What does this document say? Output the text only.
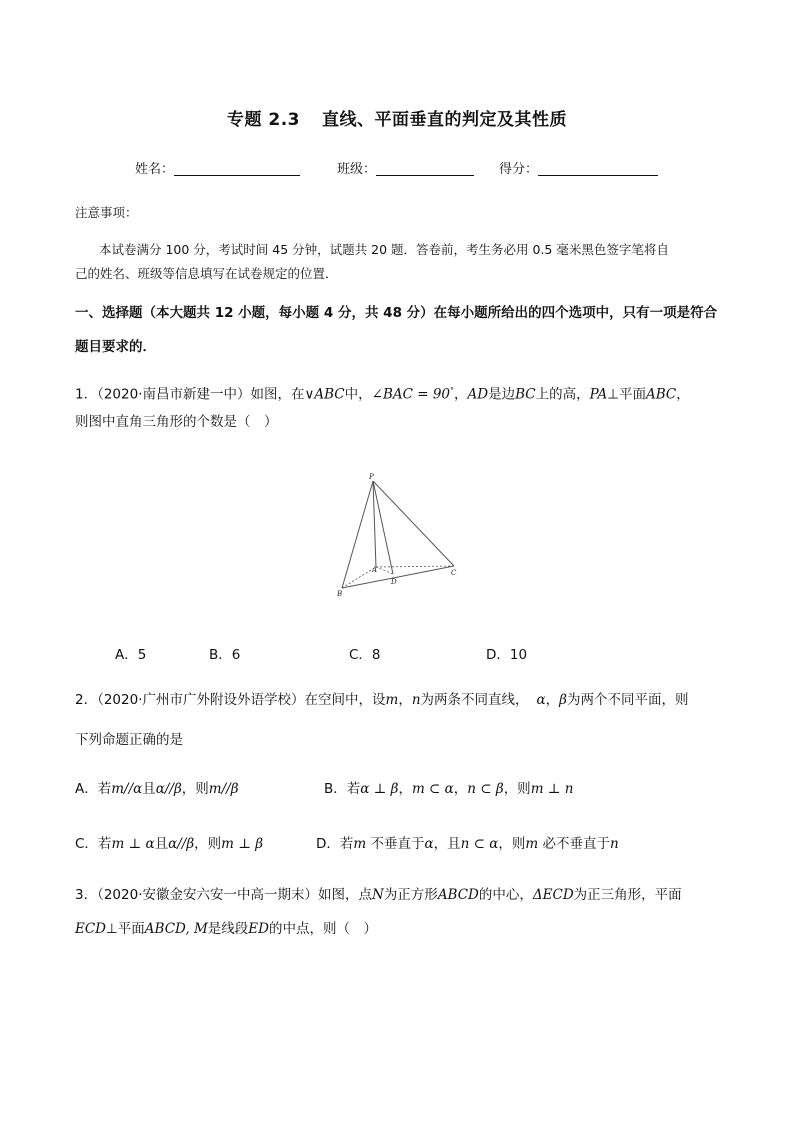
专题 2.3 直线、平面垂直的判定及其性质
姓名：	班级：	得分：
注意事项：
本试卷满分 100 分，考试时间 45 分钟，试题共 20 题．答卷前，考生务必用 0.5 毫米黑色签字笔将自
己的姓名、班级等信息填写在试卷规定的位置．
一、选择题（本大题共 12 小题，每小题 4 分，共 48 分）在每小题所给出的四个选项中，只有一项是符合
题目要求的．
1．（2020·南昌市新建一中）如图，在∨ABC中，∠BAC = 90°，AD是边BC上的高，PA⊥平面ABC，
则图中直角三角形的个数是（　）
P
A
B
C
D
A．5	B．6	C．8	D．10
2．（2020·广州市广外附设外语学校）在空间中，设m，n为两条不同直线， α，β为两个不同平面，则
下列命题正确的是
A．若m//α且α//β，则m//β	B．若α ⊥ β，m ⊂ α，n ⊂ β，则m ⊥ n
C．若m ⊥ α且α//β，则m ⊥ β	D．若m 不垂直于α，且n ⊂ α，则m 必不垂直于n
3．（2020·安徽金安六安一中高一期末）如图，点N为正方形ABCD的中心，ΔECD为正三角形，平面
ECD⊥平面ABCD, M是线段ED的中点，则（　）
